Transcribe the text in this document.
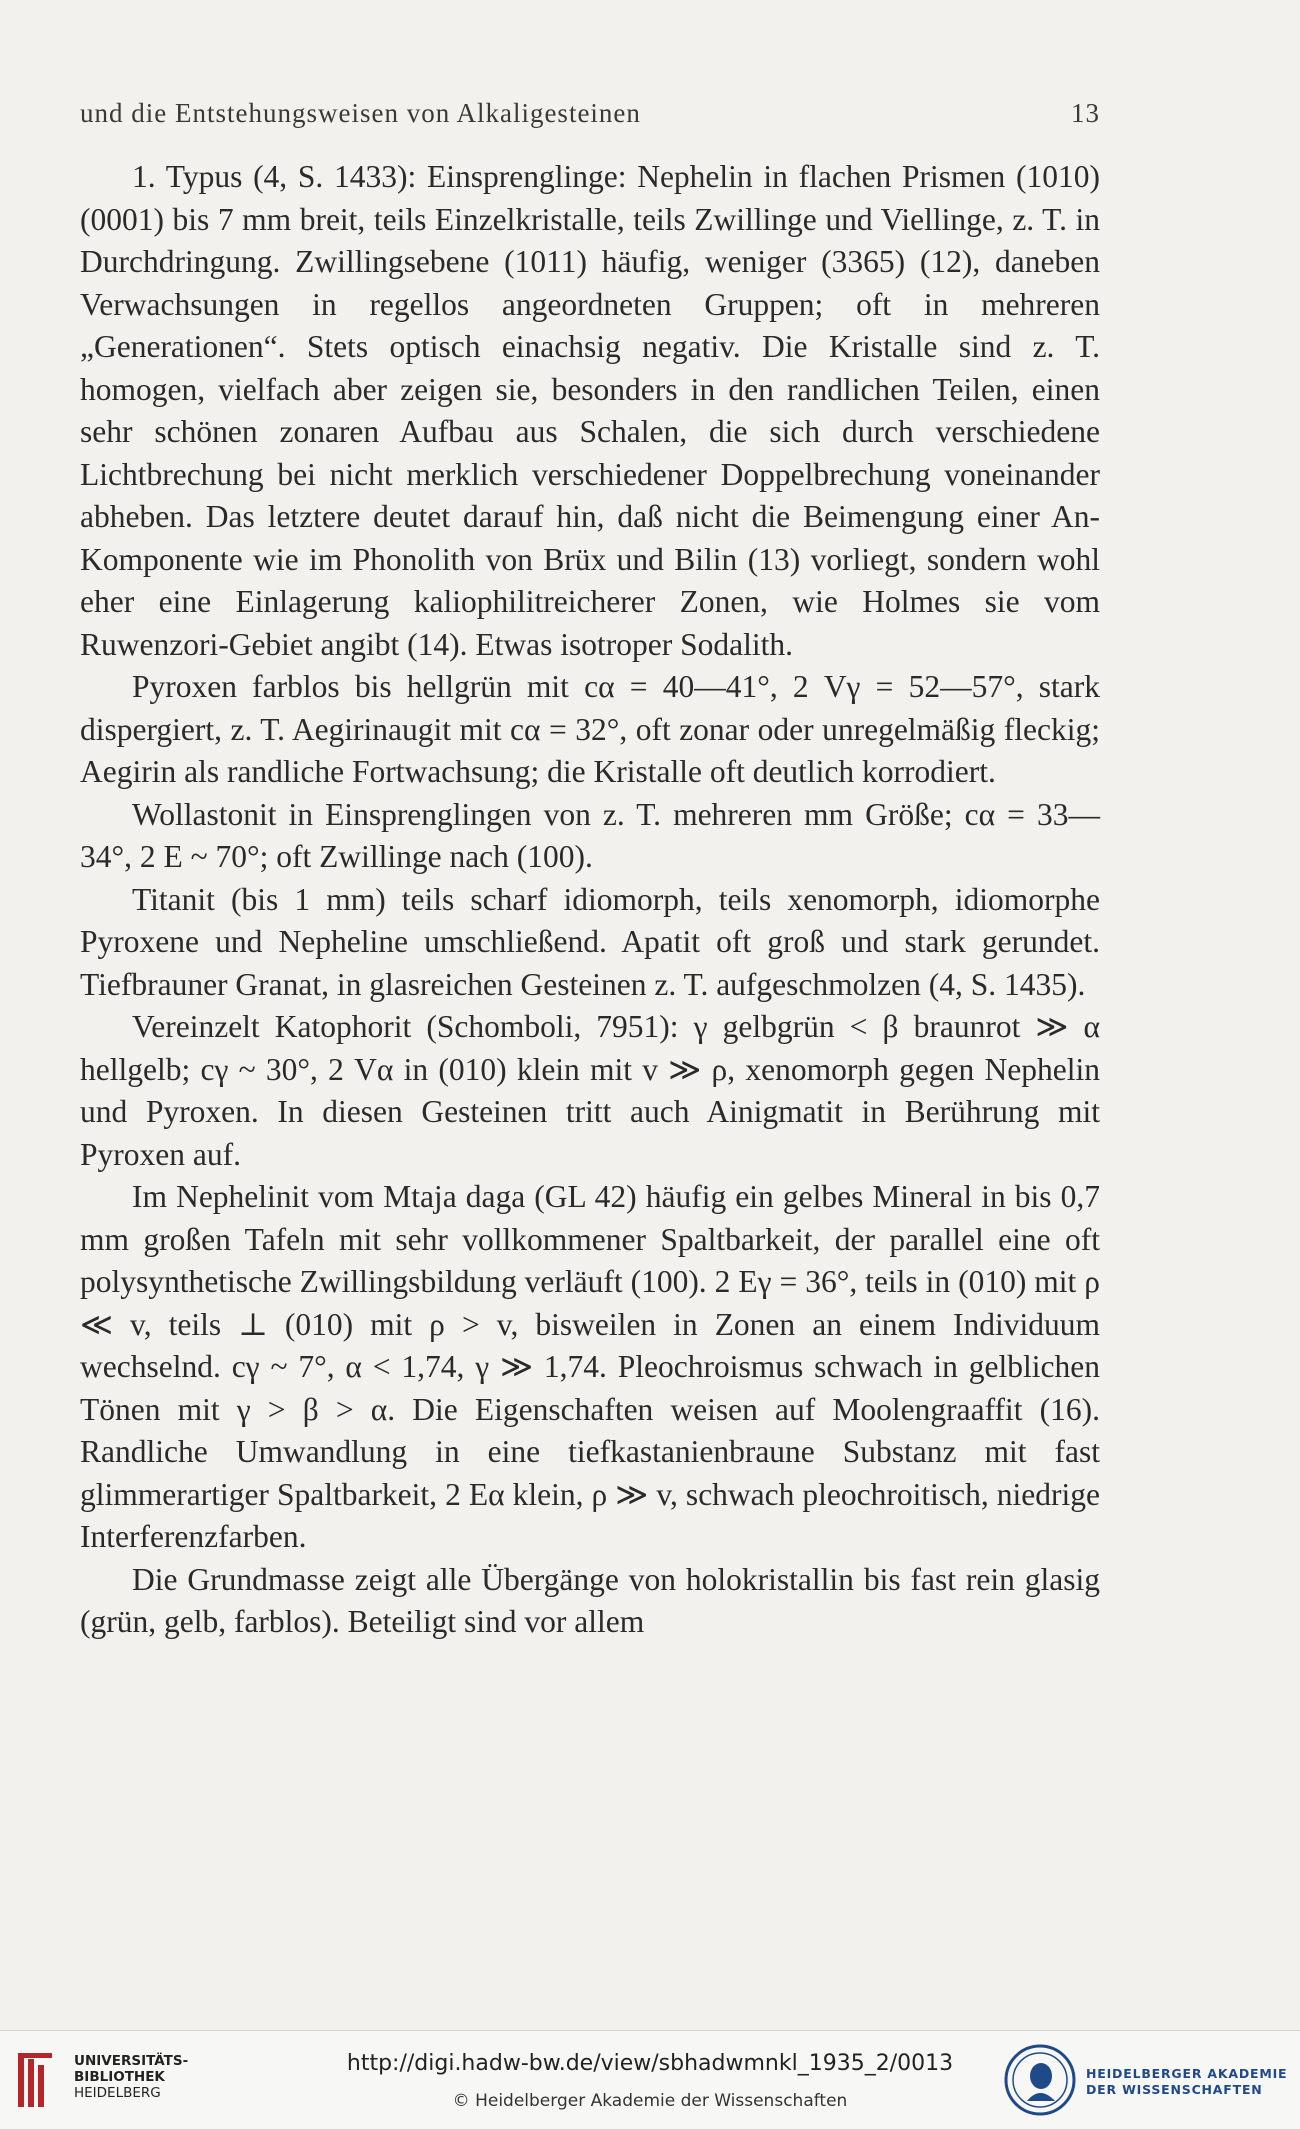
und die Entstehungsweisen von Alkaligesteinen	13

1. Typus (4, S. 1433): Einsprenglinge: Nephelin in flachen Prismen (1010) (0001) bis 7 mm breit, teils Einzelkristalle, teils Zwillinge und Viellinge, z. T. in Durchdringung. Zwillingsebene (1011) häufig, weniger (3365) (12), daneben Verwachsungen in regellos angeordneten Gruppen; oft in mehreren „Generationen“. Stets optisch einachsig negativ. Die Kristalle sind z. T. homogen, vielfach aber zeigen sie, besonders in den randlichen Teilen, einen sehr schönen zonaren Aufbau aus Schalen, die sich durch verschiedene Lichtbrechung bei nicht merklich verschiedener Doppelbrechung voneinander abheben. Das letztere deutet darauf hin, daß nicht die Beimengung einer An-Komponente wie im Phonolith von Brüx und Bilin (13) vorliegt, sondern wohl eher eine Einlagerung kaliophilitreicherer Zonen, wie Holmes sie vom Ruwenzori-Gebiet angibt (14). Etwas isotroper Sodalith.

Pyroxen farblos bis hellgrün mit cα = 40—41°, 2 Vγ = 52—57°, stark dispergiert, z. T. Aegirinaugit mit cα = 32°, oft zonar oder unregelmäßig fleckig; Aegirin als randliche Fortwachsung; die Kristalle oft deutlich korrodiert.

Wollastonit in Einsprenglingen von z. T. mehreren mm Größe; cα = 33—34°, 2 E ~ 70°; oft Zwillinge nach (100).

Titanit (bis 1 mm) teils scharf idiomorph, teils xenomorph, idiomorphe Pyroxene und Nepheline umschließend. Apatit oft groß und stark gerundet. Tiefbrauner Granat, in glasreichen Gesteinen z. T. aufgeschmolzen (4, S. 1435).

Vereinzelt Katophorit (Schomboli, 7951): γ gelbgrün < β braunrot ≫ α hellgelb; cγ ~ 30°, 2 Vα in (010) klein mit v ≫ ρ, xenomorph gegen Nephelin und Pyroxen. In diesen Gesteinen tritt auch Ainigmatit in Berührung mit Pyroxen auf.

Im Nephelinit vom Mtaja daga (GL 42) häufig ein gelbes Mineral in bis 0,7 mm großen Tafeln mit sehr vollkommener Spaltbarkeit, der parallel eine oft polysynthetische Zwillingsbildung verläuft (100). 2 Eγ = 36°, teils in (010) mit ρ ≪ v, teils ⊥ (010) mit ρ > v, bisweilen in Zonen an einem Individuum wechselnd. cγ ~ 7°, α < 1,74, γ ≫ 1,74. Pleochroismus schwach in gelblichen Tönen mit γ > β > α. Die Eigenschaften weisen auf Moolengraaffit (16). Randliche Umwandlung in eine tiefkastanienbraune Substanz mit fast glimmerartiger Spaltbarkeit, 2 Eα klein, ρ ≫ v, schwach pleochroitisch, niedrige Interferenzfarben.

Die Grundmasse zeigt alle Übergänge von holokristallin bis fast rein glasig (grün, gelb, farblos). Beteiligt sind vor allem

UNIVERSITÄTS-
BIBLIOTHEK
HEIDELBERG
http://digi.hadw-bw.de/view/sbhadwmnkl_1935_2/0013
© Heidelberger Akademie der Wissenschaften
HEIDELBERGER AKADEMIE
DER WISSENSCHAFTEN
